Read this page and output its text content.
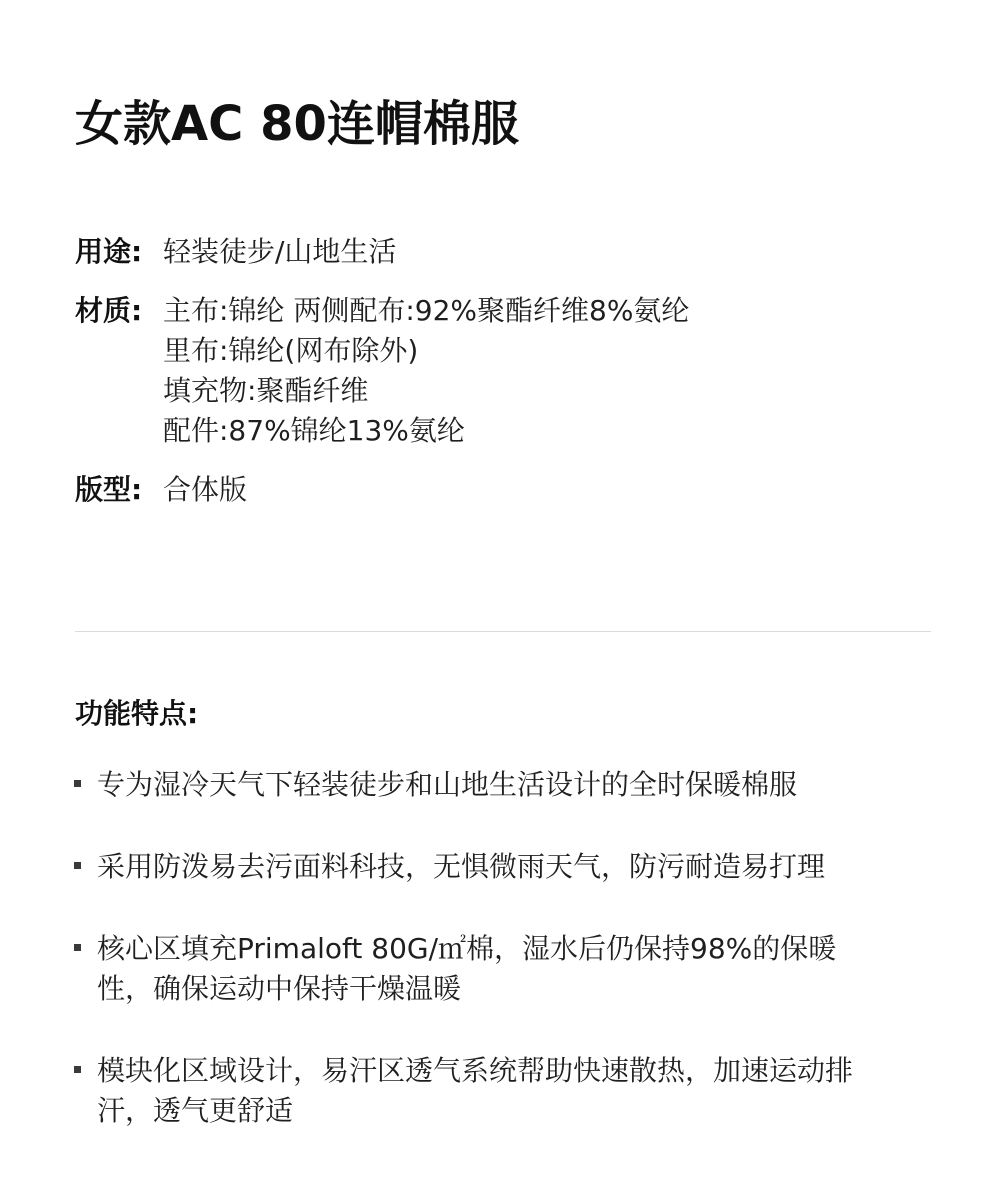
女款AC 80连帽棉服
用途: 轻装徒步/山地生活
材质: 主布:锦纶 两侧配布:92%聚酯纤维8%氨纶
里布:锦纶(网布除外)
填充物:聚酯纤维
配件:87%锦纶13%氨纶
版型: 合体版
功能特点:
专为湿冷天气下轻装徒步和山地生活设计的全时保暖棉服
采用防泼易去污面料科技，无惧微雨天气，防污耐造易打理
核心区填充Primaloft 80G/㎡棉，湿水后仍保持98%的保暖性，确保运动中保持干燥温暖
模块化区域设计，易汗区透气系统帮助快速散热，加速运动排汗，透气更舒适
